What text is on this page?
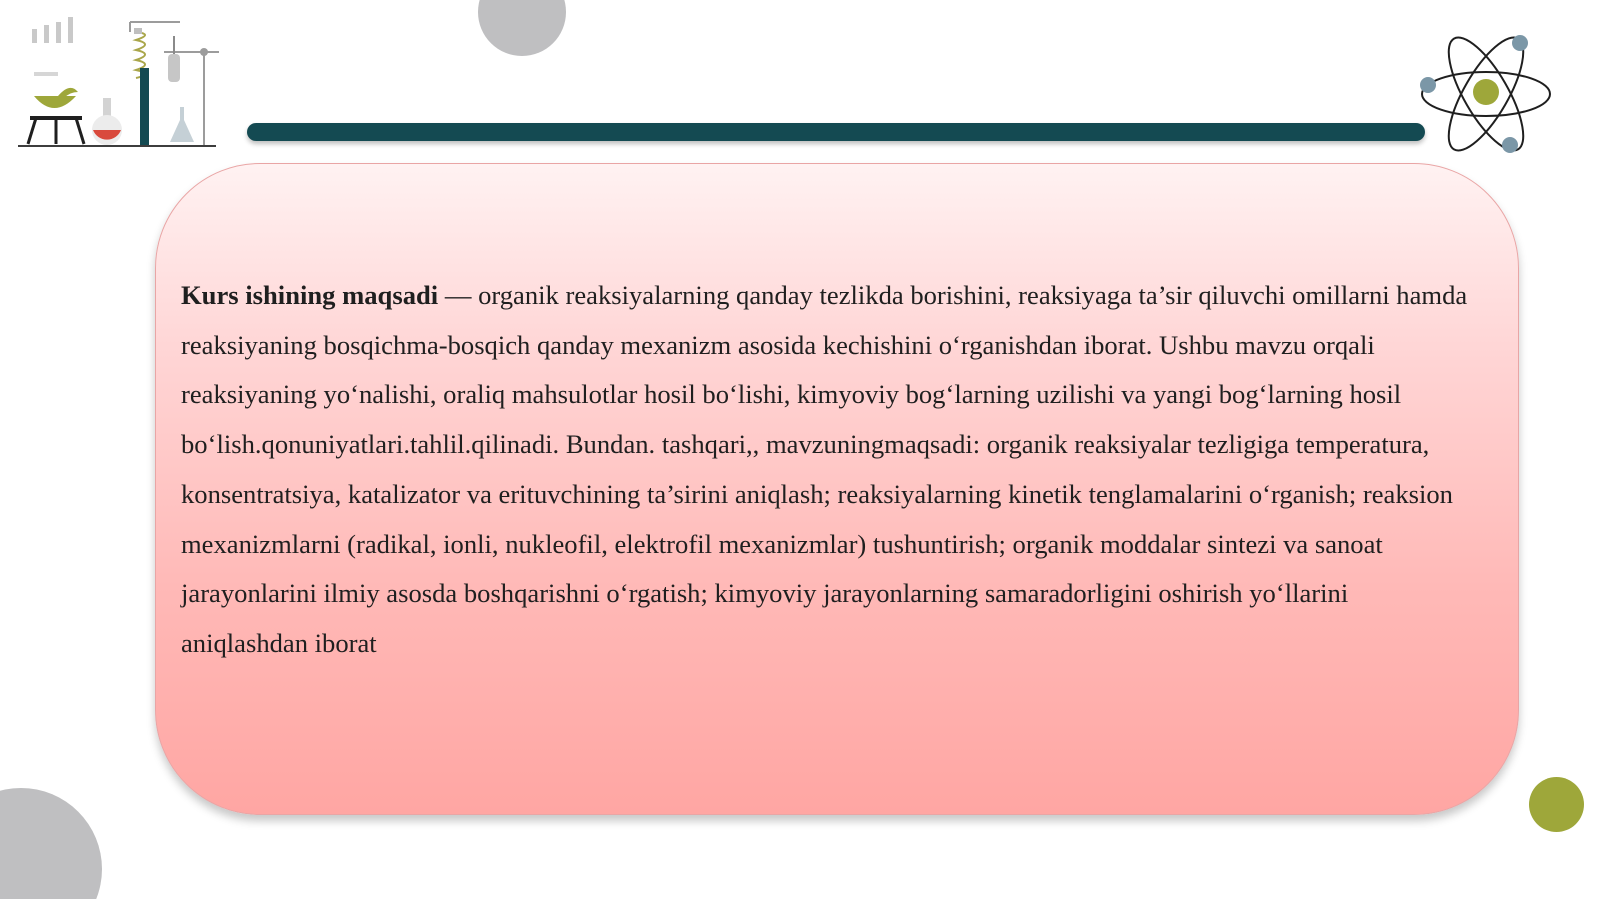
Kurs ishining maqsadi — organik reaksiyalarning qanday tezlikda borishini, reaksiyaga ta’sir qiluvchi omillarni hamda reaksiyaning bosqichma-bosqich qanday mexanizm asosida kechishini o‘rganishdan iborat. Ushbu mavzu orqali reaksiyaning yo‘nalishi, oraliq mahsulotlar hosil bo‘lishi, kimyoviy bog‘larning uzilishi va yangi bog‘larning hosil bo‘lish.qonuniyatlari.tahlil.qilinadi. Bundan. tashqari,, mavzuningmaqsadi: organik reaksiyalar tezligiga temperatura, konsentratsiya, katalizator va erituvchining ta’sirini aniqlash; reaksiyalarning kinetik tenglamalarini o‘rganish; reaksion mexanizmlarni (radikal, ionli, nukleofil, elektrofil mexanizmlar) tushuntirish; organik moddalar sintezi va sanoat jarayonlarini ilmiy asosda boshqarishni o‘rgatish; kimyoviy jarayonlarning samaradorligini oshirish yo‘llarini aniqlashdan iborat
